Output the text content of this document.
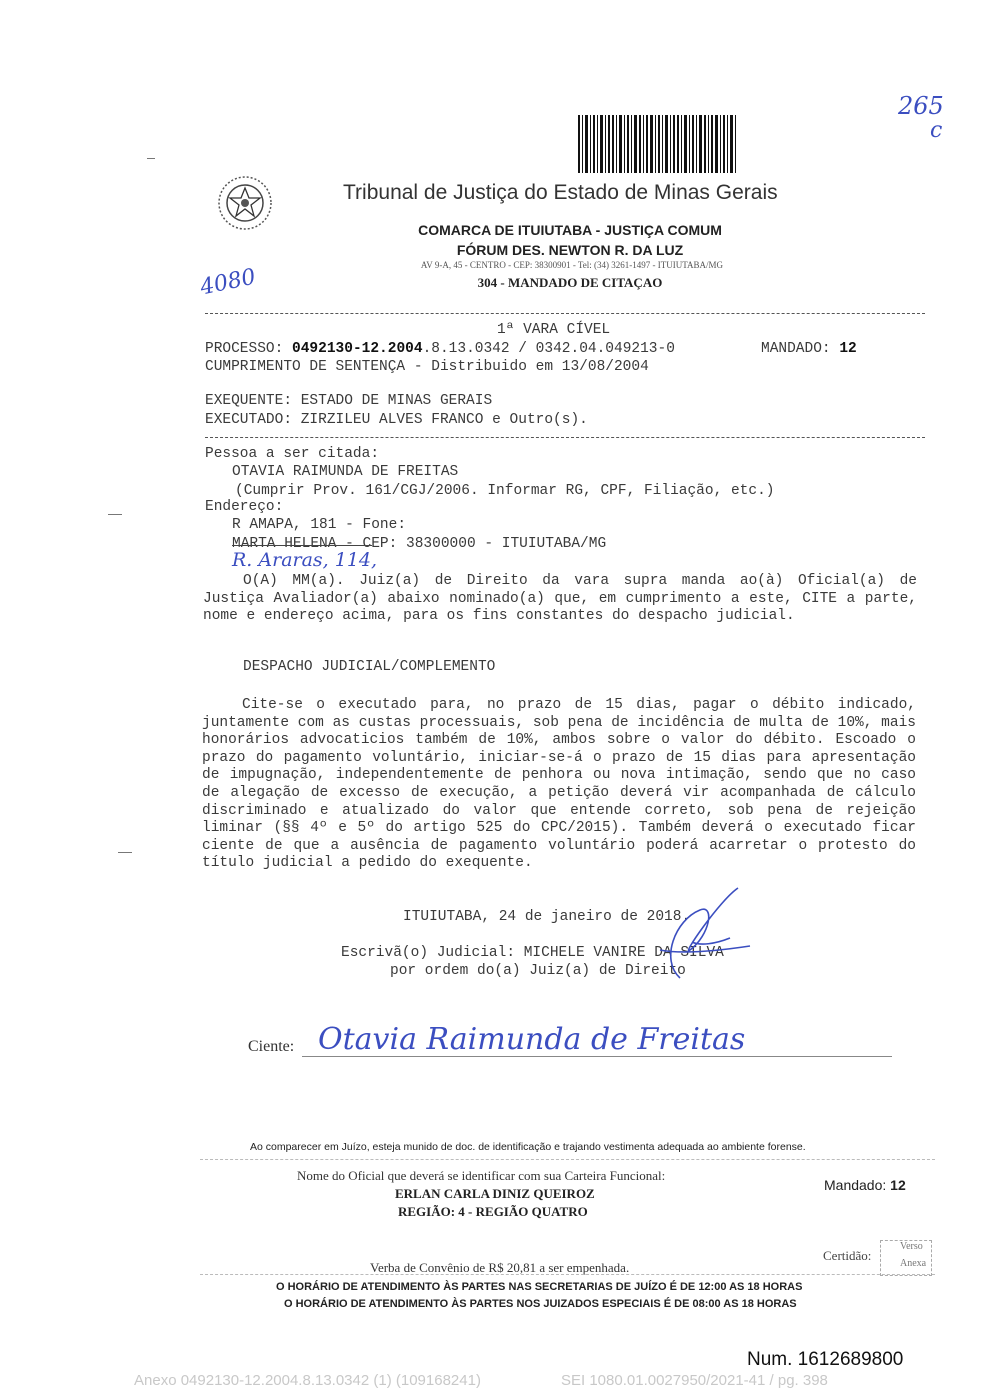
265
c
Tribunal de Justiça do Estado de Minas Gerais
COMARCA DE ITUIUTABA - JUSTIÇA COMUM
FÓRUM DES. NEWTON R. DA LUZ
AV 9-A, 45 - CENTRO - CEP: 38300901 - Tel: (34) 3261-1497 - ITUIUTABA/MG
4080	304 - MANDADO DE CITAÇAO
1ª VARA CÍVEL
PROCESSO: 0492130-12.2004.8.13.0342 / 0342.04.049213-0	MANDADO: 12
CUMPRIMENTO DE SENTENÇA - Distribuido em 13/08/2004
EXEQUENTE: ESTADO DE MINAS GERAIS
EXECUTADO: ZIRZILEU ALVES FRANCO e Outro(s).
Pessoa a ser citada:
OTAVIA RAIMUNDA DE FREITAS
(Cumprir Prov. 161/CGJ/2006. Informar RG, CPF, Filiação, etc.)
Endereço:
R AMAPA, 181 - Fone:
MARTA HELENA - CEP: 38300000 - ITUIUTABA/MG
R. Araras, 114,
O(A) MM(a). Juiz(a) de Direito da vara supra manda ao(à) Oficial(a) de Justiça Avaliador(a) abaixo nominado(a) que, em cumprimento a este, CITE a parte, nome e endereço acima, para os fins constantes do despacho judicial.
DESPACHO JUDICIAL/COMPLEMENTO
Cite-se o executado para, no prazo de 15 dias, pagar o débito indicado, juntamente com as custas processuais, sob pena de incidência de multa de 10%, mais honorários advocaticios também de 10%, ambos sobre o valor do débito. Escoado o prazo do pagamento voluntário, iniciar-se-á o prazo de 15 dias para apresentação de impugnação, independentemente de penhora ou nova intimação, sendo que no caso de alegação de excesso de execução, a petição deverá vir acompanhada de cálculo discriminado e atualizado do valor que entende correto, sob pena de rejeição liminar (§§ 4º e 5º do artigo 525 do CPC/2015). Também deverá o executado ficar ciente de que a ausência de pagamento voluntário poderá acarretar o protesto do título judicial a pedido do exequente.
ITUIUTABA, 24 de janeiro de 2018.
Escrivã(o) Judicial: MICHELE VANIRE DA SILVA
por ordem do(a) Juiz(a) de Direito
Ciente: Otavia Raimunda de Freitas
Ao comparecer em Juízo, esteja munido de doc. de identificação e trajando vestimenta adequada ao ambiente forense.
Nome do Oficial que deverá se identificar com sua Carteira Funcional:
ERLAN CARLA DINIZ QUEIROZ
REGIÃO: 4 - REGIÃO QUATRO
Mandado: 12
Verba de Convênio de R$ 20,81 a ser empenhada.
Certidão:
Verso
Anexa
O HORÁRIO DE ATENDIMENTO ÀS PARTES NAS SECRETARIAS DE JUÍZO É DE 12:00 AS 18 HORAS
O HORÁRIO DE ATENDIMENTO ÀS PARTES NOS JUIZADOS ESPECIAIS É DE 08:00 AS 18 HORAS
Num. 1612689800
Anexo 0492130-12.2004.8.13.0342 (1) (109168241)	SEI 1080.01.0027950/2021-41 / pg. 398
